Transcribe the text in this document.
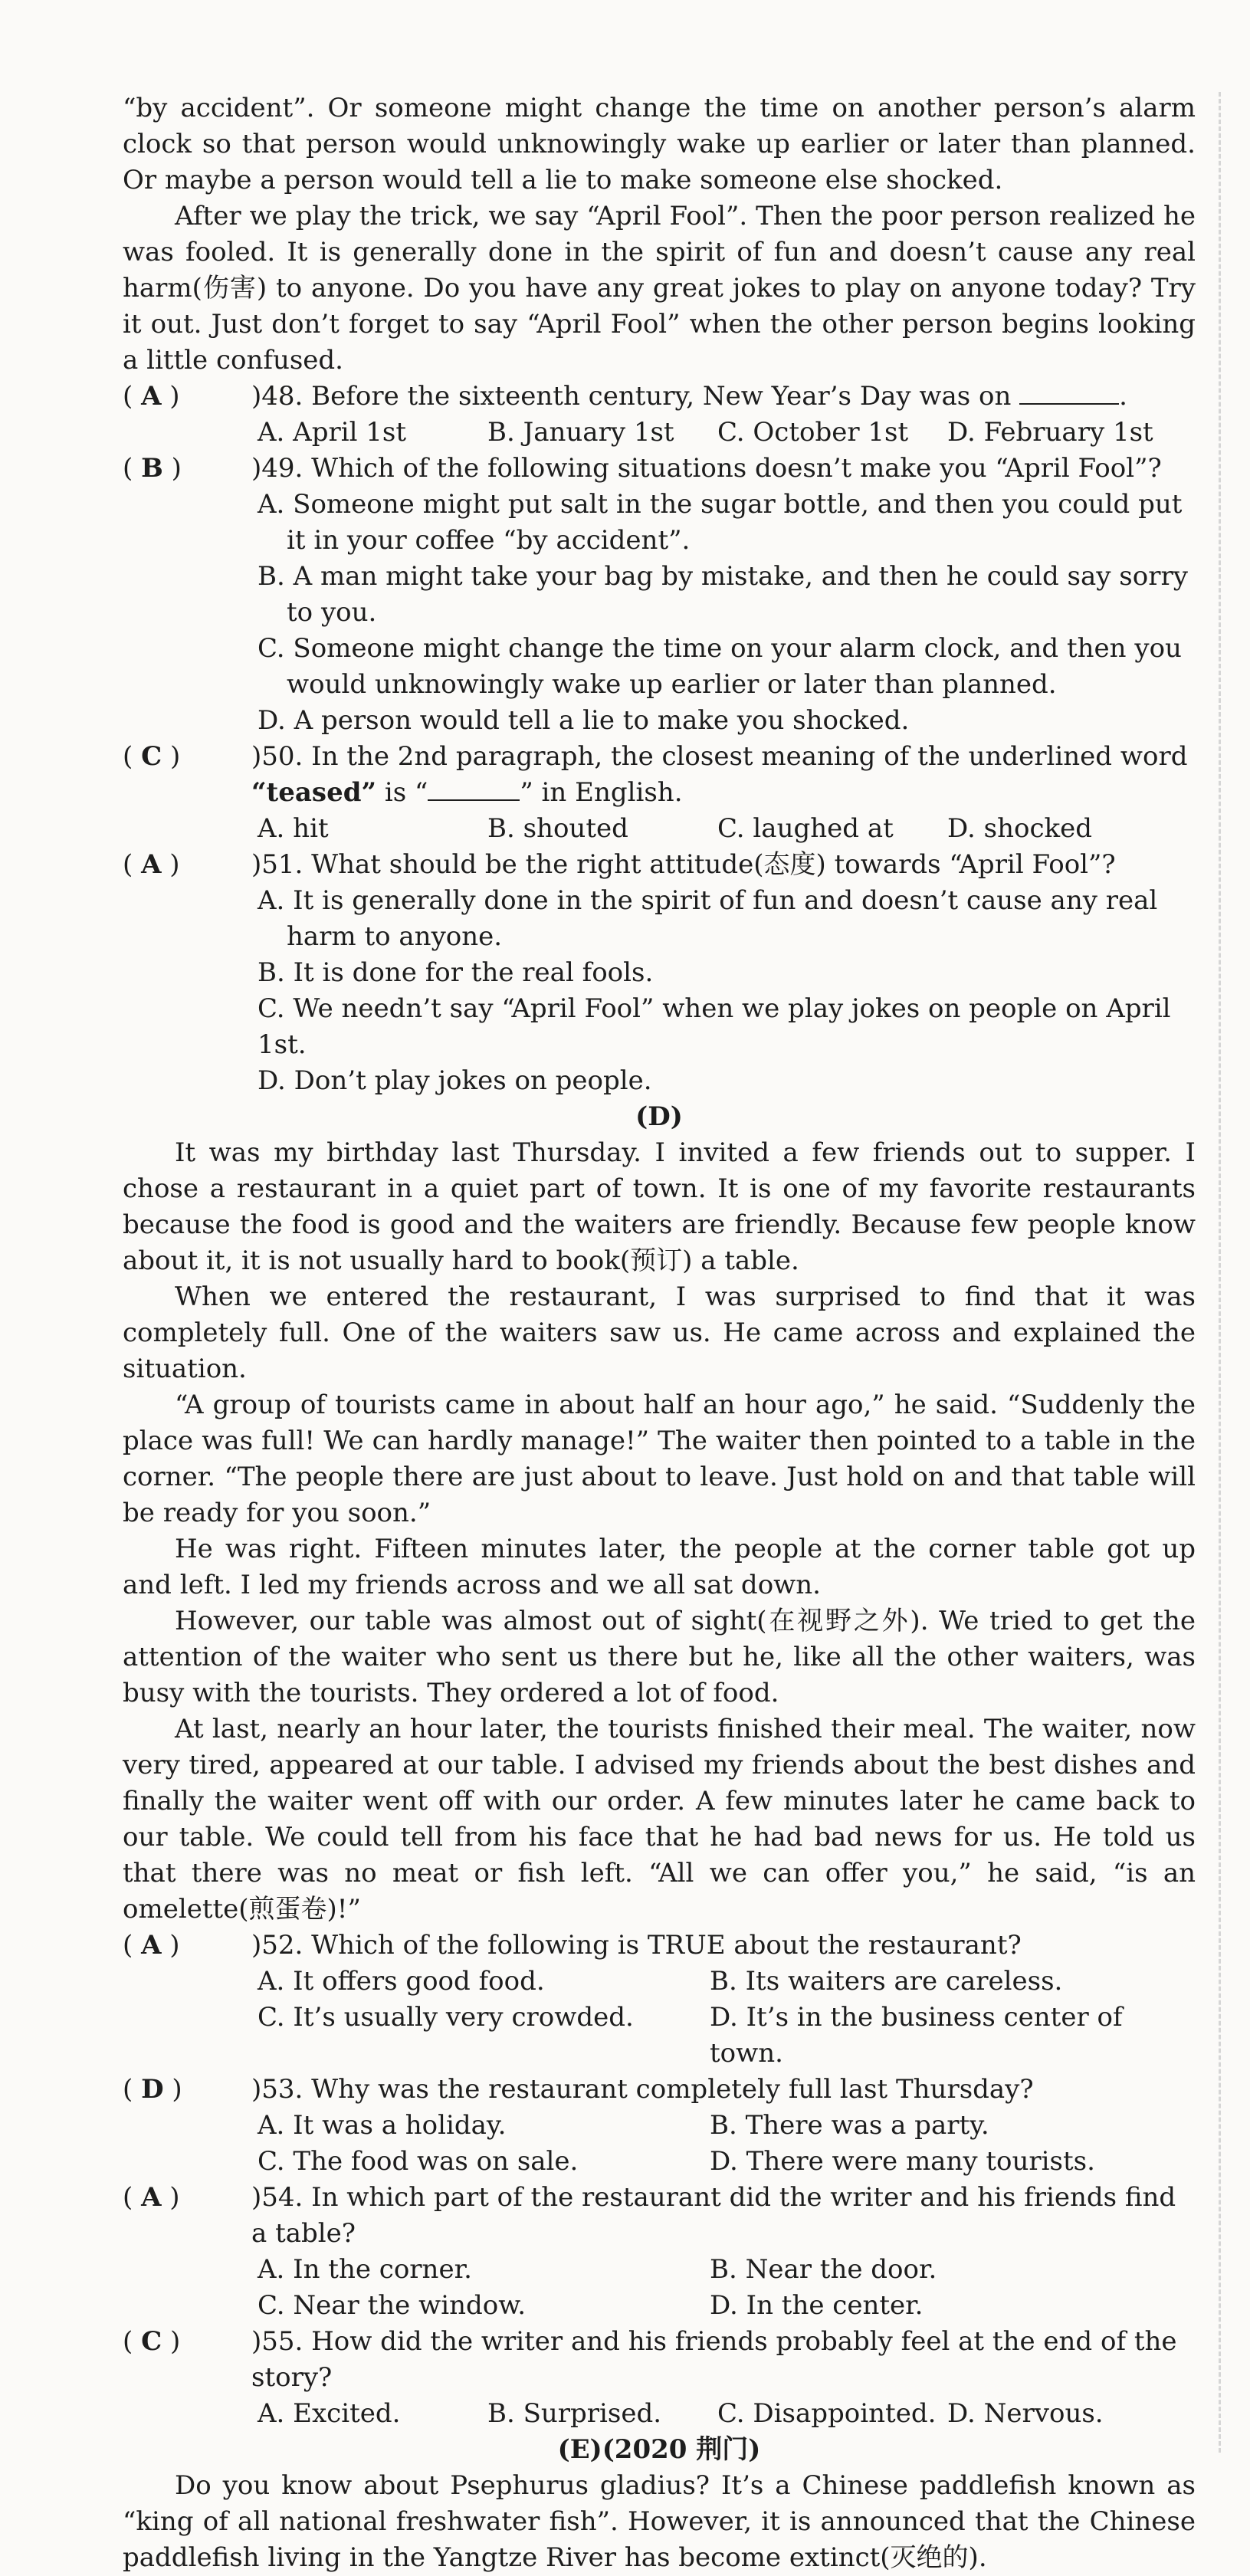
“by accident”. Or someone might change the time on another person’s alarm clock so that person would unknowingly wake up earlier or later than planned. Or maybe a person would tell a lie to make someone else shocked.

After we play the trick, we say “April Fool”. Then the poor person realized he was fooled. It is generally done in the spirit of fun and doesn’t cause any real harm(伤害) to anyone. Do you have any great jokes to play on anyone today? Try it out. Just don’t forget to say “April Fool” when the other person begins looking a little confused.

( A )	)48. Before the sixteenth century, New Year’s Day was on	.
A. April 1st	B. January 1st	C. October 1st	D. February 1st
( B )	)49. Which of the following situations doesn’t make you “April Fool”?

A. Someone might put salt in the sugar bottle, and then you could put it in your coffee “by accident”.

B. A man might take your bag by mistake, and then he could say sorry to you.

C. Someone might change the time on your alarm clock, and then you would unknowingly wake up earlier or later than planned.

D. A person would tell a lie to make you shocked.

( C )	)50. In the 2nd paragraph, the closest meaning of the underlined word
“teased” is “	” in English.
A. hit	B. shouted	C. laughed at	D. shocked
( A )	)51. What should be the right attitude(态度) towards “April Fool”?

A. It is generally done in the spirit of fun and doesn’t cause any real harm to anyone.

B. It is done for the real fools.

C. We needn’t say “April Fool” when we play jokes on people on April 1st.

D. Don’t play jokes on people.

(D)

It was my birthday last Thursday. I invited a few friends out to supper. I chose a restaurant in a quiet part of town. It is one of my favorite restaurants because the food is good and the waiters are friendly. Because few people know about it, it is not usually hard to book(预订) a table.

When we entered the restaurant, I was surprised to find that it was completely full. One of the waiters saw us. He came across and explained the situation.

“A group of tourists came in about half an hour ago,” he said. “Suddenly the place was full! We can hardly manage!” The waiter then pointed to a table in the corner. “The people there are just about to leave. Just hold on and that table will be ready for you soon.”

He was right. Fifteen minutes later, the people at the corner table got up and left. I led my friends across and we all sat down.

However, our table was almost out of sight(在视野之外). We tried to get the attention of the waiter who sent us there but he, like all the other waiters, was busy with the tourists. They ordered a lot of food.

At last, nearly an hour later, the tourists finished their meal. The waiter, now very tired, appeared at our table. I advised my friends about the best dishes and finally the waiter went off with our order. A few minutes later he came back to our table. We could tell from his face that he had bad news for us. He told us that there was no meat or fish left. “All we can offer you,” he said, “is an omelette(煎蛋卷)!”

( A )	)52. Which of the following is TRUE about the restaurant?
A. It offers good food.	B. Its waiters are careless.
C. It’s usually very crowded.	D. It’s in the business center of town.
( D )	)53. Why was the restaurant completely full last Thursday?
A. It was a holiday.	B. There was a party.
C. The food was on sale.	D. There were many tourists.
( A )	)54. In which part of the restaurant did the writer and his friends find a table?
A. In the corner.	B. Near the door.
C. Near the window.	D. In the center.
( C )	)55. How did the writer and his friends probably feel at the end of the story?
A. Excited.	B. Surprised.	C. Disappointed. D. Nervous.

(E)(2020 荆门)

Do you know about Psephurus gladius? It’s a Chinese paddlefish known as “king of all national freshwater fish”. However, it is announced that the Chinese paddlefish living in the Yangtze River has become extinct(灭绝的).
